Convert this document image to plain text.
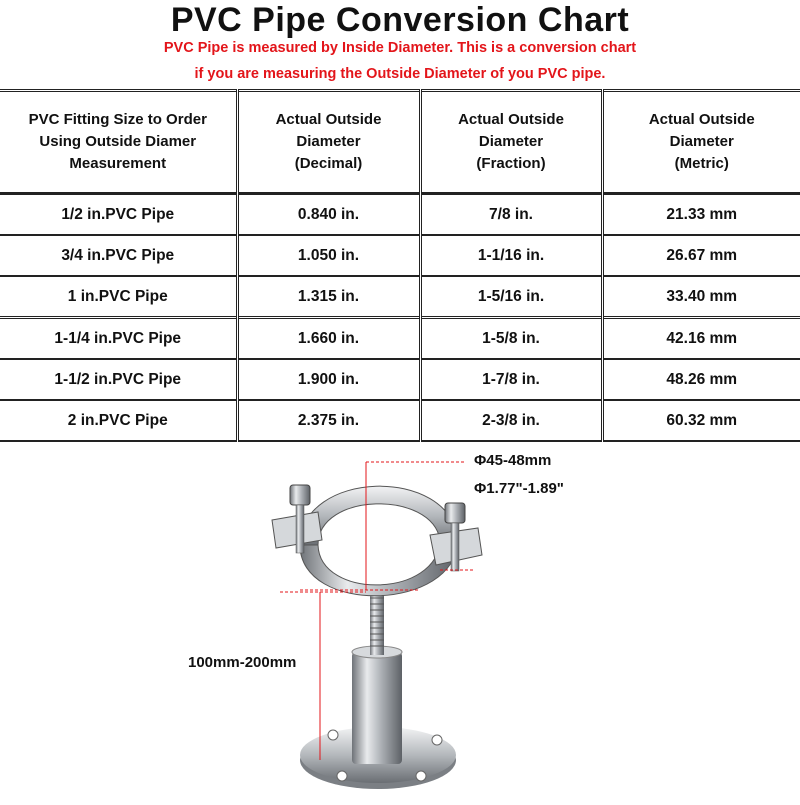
PVC Pipe Conversion Chart
PVC Pipe is measured by Inside Diameter. This is a conversion chart
if you are measuring the Outside Diameter of you PVC pipe.
PVC Fitting Size to Order Using Outside Diamer Measurement	Actual Outside Diameter (Decimal)	Actual Outside Diameter (Fraction)	Actual Outside Diameter (Metric)

1/2 in.PVC Pipe	0.840 in.	7/8 in.	21.33 mm
3/4 in.PVC Pipe	1.050 in.	1-1/16 in.	26.67 mm
1 in.PVC Pipe	1.315 in.	1-5/16 in.	33.40 mm
1-1/4 in.PVC Pipe	1.660 in.	1-5/8 in.	42.16 mm
1-1/2 in.PVC Pipe	1.900 in.	1-7/8 in.	48.26 mm
2 in.PVC Pipe	2.375 in.	2-3/8 in.	60.32 mm
Φ45-48mm
Φ1.77"-1.89"
100mm-200mm
